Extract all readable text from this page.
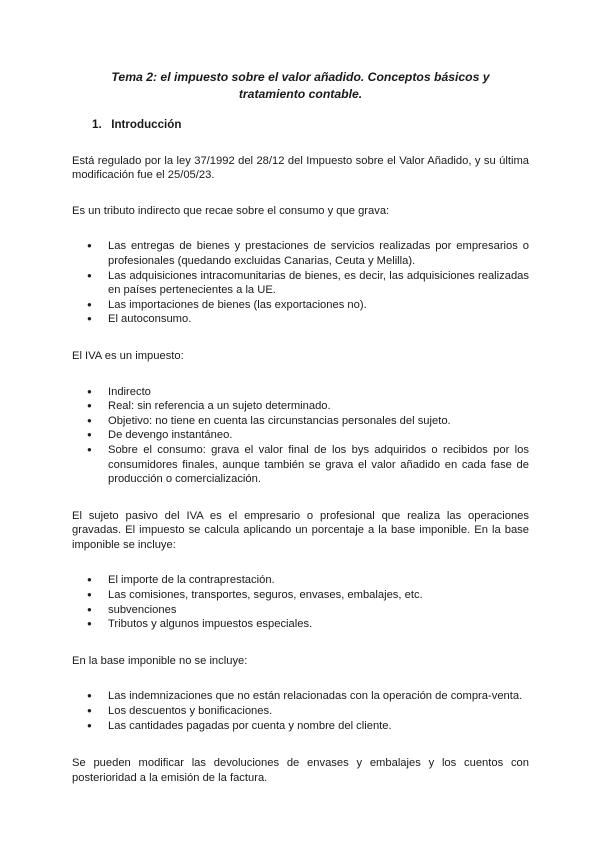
Tema 2: el impuesto sobre el valor añadido. Conceptos básicos y tratamiento contable.
1. Introducción

Está regulado por la ley 37/1992 del 28/12 del Impuesto sobre el Valor Añadido, y su última modificación fue el 25/05/23.

Es un tributo indirecto que recae sobre el consumo y que grava:

● Las entregas de bienes y prestaciones de servicios realizadas por empresarios o profesionales (quedando excluidas Canarias, Ceuta y Melilla).
● Las adquisiciones intracomunitarias de bienes, es decir, las adquisiciones realizadas en países pertenecientes a la UE.
● Las importaciones de bienes (las exportaciones no).
● El autoconsumo.

El IVA es un impuesto:

● Indirecto
● Real: sin referencia a un sujeto determinado.
● Objetivo: no tiene en cuenta las circunstancias personales del sujeto.
● De devengo instantáneo.
● Sobre el consumo: grava el valor final de los bys adquiridos o recibidos por los consumidores finales, aunque también se grava el valor añadido en cada fase de producción o comercialización.

El sujeto pasivo del IVA es el empresario o profesional que realiza las operaciones gravadas. El impuesto se calcula aplicando un porcentaje a la base imponible. En la base imponible se incluye:

● El importe de la contraprestación.
● Las comisiones, transportes, seguros, envases, embalajes, etc.
● subvenciones
● Tributos y algunos impuestos especiales.

En la base imponible no se incluye:

● Las indemnizaciones que no están relacionadas con la operación de compra-venta.
● Los descuentos y bonificaciones.
● Las cantidades pagadas por cuenta y nombre del cliente.

Se pueden modificar las devoluciones de envases y embalajes y los cuentos con posterioridad a la emisión de la factura.
